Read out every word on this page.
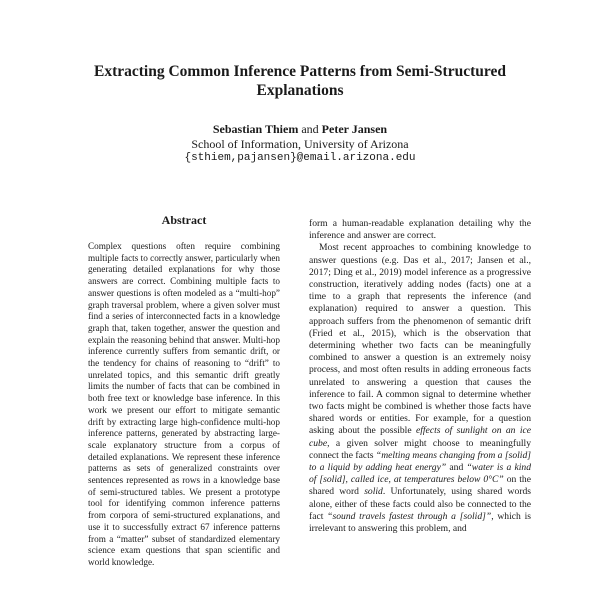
Extracting Common Inference Patterns from Semi-Structured Explanations
Sebastian Thiem and Peter Jansen
School of Information, University of Arizona
{sthiem,pajansen}@email.arizona.edu
Abstract

Complex questions often require combining multiple facts to correctly answer, particularly when generating detailed explanations for why those answers are correct. Combining multiple facts to answer questions is often modeled as a “multi-hop” graph traversal problem, where a given solver must find a series of interconnected facts in a knowledge graph that, taken together, answer the question and explain the reasoning behind that answer. Multi-hop inference currently suffers from semantic drift, or the tendency for chains of reasoning to “drift” to unrelated topics, and this semantic drift greatly limits the number of facts that can be combined in both free text or knowledge base inference. In this work we present our effort to mitigate semantic drift by extracting large high-confidence multi-hop inference patterns, generated by abstracting large-scale explanatory structure from a corpus of detailed explanations. We represent these inference patterns as sets of generalized constraints over sentences represented as rows in a knowledge base of semi-structured tables. We present a prototype tool for identifying common inference patterns from corpora of semi-structured explanations, and use it to successfully extract 67 inference patterns from a “matter” subset of standardized elementary science exam questions that span scientific and world knowledge.

form a human-readable explanation detailing why the inference and answer are correct.

Most recent approaches to combining knowledge to answer questions (e.g. Das et al., 2017; Jansen et al., 2017; Ding et al., 2019) model inference as a progressive construction, iteratively adding nodes (facts) one at a time to a graph that represents the inference (and explanation) required to answer a question. This approach suffers from the phenomenon of semantic drift (Fried et al., 2015), which is the observation that determining whether two facts can be meaningfully combined to answer a question is an extremely noisy process, and most often results in adding erroneous facts unrelated to answering a question that causes the inference to fail. A common signal to determine whether two facts might be combined is whether those facts have shared words or entities. For example, for a question asking about the possible effects of sunlight on an ice cube, a given solver might choose to meaningfully connect the facts “melting means changing from a [solid] to a liquid by adding heat energy” and “water is a kind of [solid], called ice, at temperatures below 0°C” on the shared word solid. Unfortunately, using shared words alone, either of these facts could also be connected to the fact “sound travels fastest through a [solid]”, which is irrelevant to answering this problem, and
